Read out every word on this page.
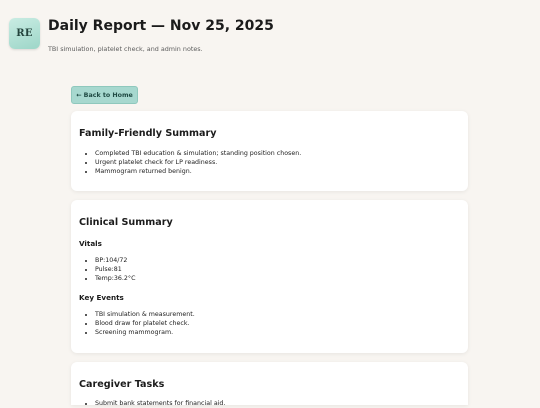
RE	Daily Report — Nov 25, 2025
TBI simulation, platelet check, and admin notes.
← Back to Home
Family-Friendly Summary
• Completed TBI education & simulation; standing position chosen.
• Urgent platelet check for LP readiness.
• Mammogram returned benign.
Clinical Summary
Vitals
• BP:104/72
• Pulse:81
• Temp:36.2°C
Key Events
• TBI simulation & measurement.
• Blood draw for platelet check.
• Screening mammogram.
Caregiver Tasks
• Submit bank statements for financial aid.
